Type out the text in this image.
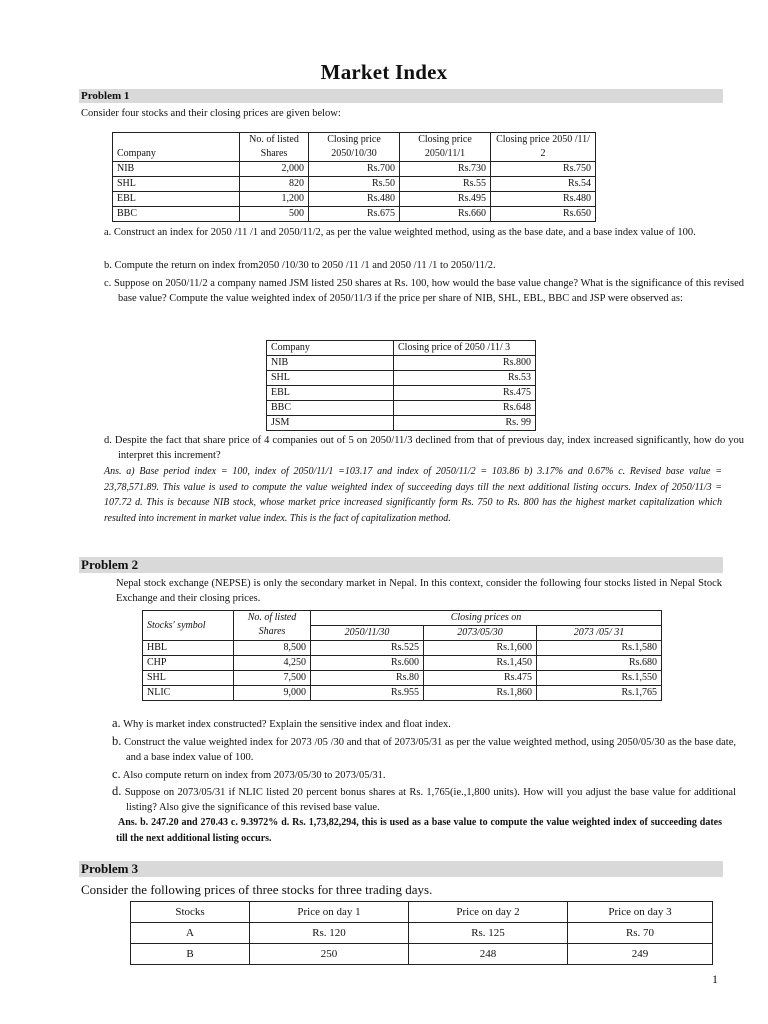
Market Index
Problem 1
Consider four stocks and their closing prices are given below:
Company	No. of listed Shares	Closing price 2050/10/30	Closing price 2050/11/1	Closing price 2050 /11/ 2
NIB	2,000	Rs.700	Rs.730	Rs.750
SHL	820	Rs.50	Rs.55	Rs.54
EBL	1,200	Rs.480	Rs.495	Rs.480
BBC	500	Rs.675	Rs.660	Rs.650
a. Construct an index for 2050 /11 /1 and 2050/11/2, as per the value weighted method, using as the base date, and a base index value of 100.
b. Compute the return on index from2050 /10/30 to 2050 /11 /1 and 2050 /11 /1 to 2050/11/2.
c. Suppose on 2050/11/2 a company named JSM listed 250 shares at Rs. 100, how would the base value change? What is the significance of this revised base value? Compute the value weighted index of 2050/11/3 if the price per share of NIB, SHL, EBL, BBC and JSP were observed as:
Company	Closing price of 2050 /11/ 3
NIB	Rs.800
SHL	Rs.53
EBL	Rs.475
BBC	Rs.648
JSM	Rs. 99
d. Despite the fact that share price of 4 companies out of 5 on 2050/11/3 declined from that of previous day, index increased significantly, how do you interpret this increment?
Ans. a) Base period index = 100, index of 2050/11/1 =103.17 and index of 2050/11/2 = 103.86 b) 3.17% and 0.67% c. Revised base value = 23,78,571.89. This value is used to compute the value weighted index of succeeding days till the next additional listing occurs. Index of 2050/11/3 = 107.72 d. This is because NIB stock, whose market price increased significantly form Rs. 750 to Rs. 800 has the highest market capitalization which resulted into increment in market value index. This is the fact of capitalization method.
Problem 2
Nepal stock exchange (NEPSE) is only the secondary market in Nepal. In this context, consider the following four stocks listed in Nepal Stock Exchange and their closing prices.
Stocks' symbol	No. of listed Shares	Closing prices on		
		2050/11/30	2073/05/30	2073 /05/ 31
HBL	8,500	Rs.525	Rs.1,600	Rs.1,580
CHP	4,250	Rs.600	Rs.1,450	Rs.680
SHL	7,500	Rs.80	Rs.475	Rs.1,550
NLIC	9,000	Rs.955	Rs.1,860	Rs.1,765
a. Why is market index constructed? Explain the sensitive index and float index.
b. Construct the value weighted index for 2073 /05 /30 and that of 2073/05/31 as per the value weighted method, using 2050/05/30 as the base date, and a base index value of 100.
c. Also compute return on index from 2073/05/30 to 2073/05/31.
d. Suppose on 2073/05/31 if NLIC listed 20 percent bonus shares at Rs. 1,765(ie.,1,800 units). How will you adjust the base value for additional listing? Also give the significance of this revised base value.
Ans. b. 247.20 and 270.43 c. 9.3972% d. Rs. 1,73,82,294, this is used as a base value to compute the value weighted index of succeeding dates till the next additional listing occurs.
Problem 3
Consider the following prices of three stocks for three trading days.
Stocks	Price on day 1	Price on day 2	Price on day 3
A	Rs. 120	Rs. 125	Rs. 70
B	250	248	249
1
